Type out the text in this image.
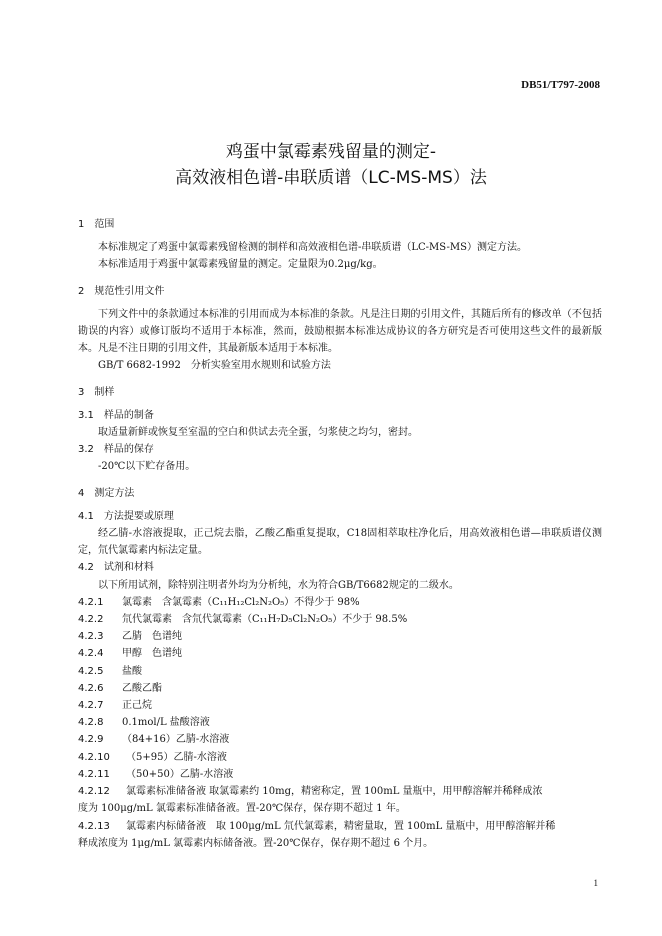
DB51/T797-2008
鸡蛋中氯霉素残留量的测定-
高效液相色谱-串联质谱（LC-MS-MS）法

1　范围

本标准规定了鸡蛋中氯霉素残留检测的制样和高效液相色谱-串联质谱（LC-MS-MS）测定方法。

本标准适用于鸡蛋中氯霉素残留量的测定。定量限为0.2μg/kg。

2　规范性引用文件

下列文件中的条款通过本标准的引用而成为本标准的条款。凡是注日期的引用文件，其随后所有的修改单（不包括勘误的内容）或修订版均不适用于本标准，然而，鼓励根据本标准达成协议的各方研究是否可使用这些文件的最新版本。凡是不注日期的引用文件，其最新版本适用于本标准。

GB/T 6682-1992　分析实验室用水规则和试验方法

3　制样

3.1　样品的制备

取适量新鲜或恢复至室温的空白和供试去壳全蛋，匀浆使之均匀，密封。

3.2　样品的保存

-20℃以下贮存备用。

4　测定方法

4.1　方法提要或原理

经乙腈-水溶液提取，正己烷去脂，乙酸乙酯重复提取，C18固相萃取柱净化后，用高效液相色谱—串联质谱仪测定，氘代氯霉素内标法定量。

4.2　试剂和材料

以下所用试剂，除特别注明者外均为分析纯，水为符合GB/T6682规定的二级水。

4.2.1 氯霉素　含氯霉素（C₁₁H₁₂Cl₂N₂O₅）不得少于 98%

4.2.2 氘代氯霉素　含氘代氯霉素（C₁₁H₇D₅Cl₂N₂O₅）不少于 98.5%

4.2.3 乙腈　色谱纯

4.2.4 甲醇　色谱纯

4.2.5 盐酸

4.2.6 乙酸乙酯

4.2.7 正己烷

4.2.8 0.1mol/L 盐酸溶液

4.2.9 （84+16）乙腈-水溶液

4.2.10 （5+95）乙腈-水溶液

4.2.11 （50+50）乙腈-水溶液

4.2.12 氯霉素标准储备液 取氯霉素约 10mg，精密称定，置 100mL 量瓶中，用甲醇溶解并稀释成浓

度为 100μg/mL 氯霉素标准储备液。置-20℃保存，保存期不超过 1 年。

4.2.13 氯霉素内标储备液　取 100μg/mL 氘代氯霉素，精密量取，置 100mL 量瓶中，用甲醇溶解并稀

释成浓度为 1μg/mL 氯霉素内标储备液。置-20℃保存，保存期不超过 6 个月。

1
